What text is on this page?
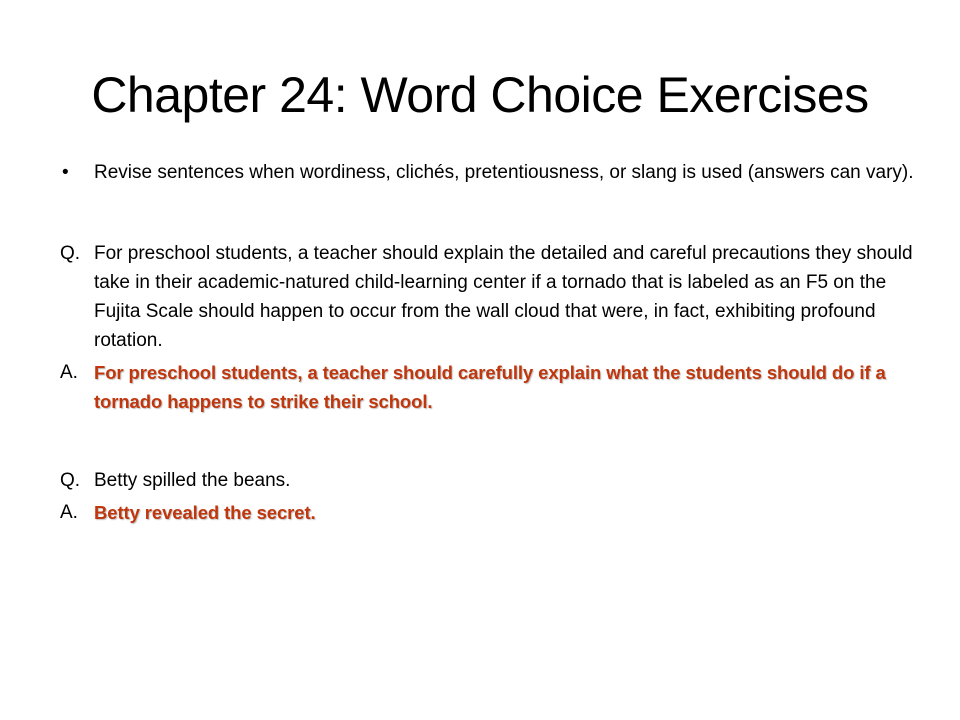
Chapter 24: Word Choice Exercises
•	Revise sentences when wordiness, clichés, pretentiousness, or slang is used (answers can vary).
Q. For preschool students, a teacher should explain the detailed and careful precautions they should take in their academic-natured child-learning center if a tornado that is labeled as an F5 on the Fujita Scale should happen to occur from the wall cloud that were, in fact, exhibiting profound rotation.
A. For preschool students, a teacher should carefully explain what the students should do if a tornado happens to strike their school.
Q. Betty spilled the beans.
A. Betty revealed the secret.
